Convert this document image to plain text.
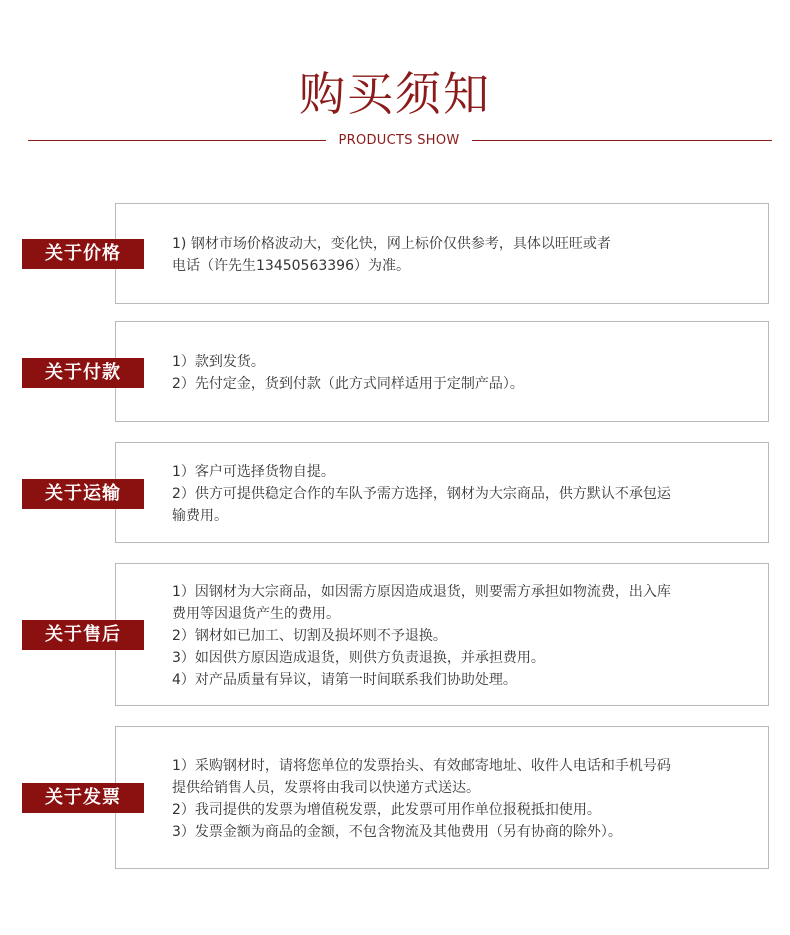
购买须知
PRODUCTS SHOW
关于价格	1) 钢材市场价格波动大，变化快，网上标价仅供参考，具体以旺旺或者
电话（许先生13450563396）为准。
关于付款	1）款到发货。
2）先付定金，货到付款（此方式同样适用于定制产品）。
关于运输
1）客户可选择货物自提。
2）供方可提供稳定合作的车队予需方选择，钢材为大宗商品，供方默认不承包运
输费用。
关于售后
1）因钢材为大宗商品，如因需方原因造成退货，则要需方承担如物流费，出入库
费用等因退货产生的费用。
2）钢材如已加工、切割及损坏则不予退换。
3）如因供方原因造成退货，则供方负责退换，并承担费用。
4）对产品质量有异议，请第一时间联系我们协助处理。
关于发票
1）采购钢材时，请将您单位的发票抬头、有效邮寄地址、收件人电话和手机号码
提供给销售人员，发票将由我司以快递方式送达。
2）我司提供的发票为增值税发票，此发票可用作单位报税抵扣使用。
3）发票金额为商品的金额，不包含物流及其他费用（另有协商的除外）。
